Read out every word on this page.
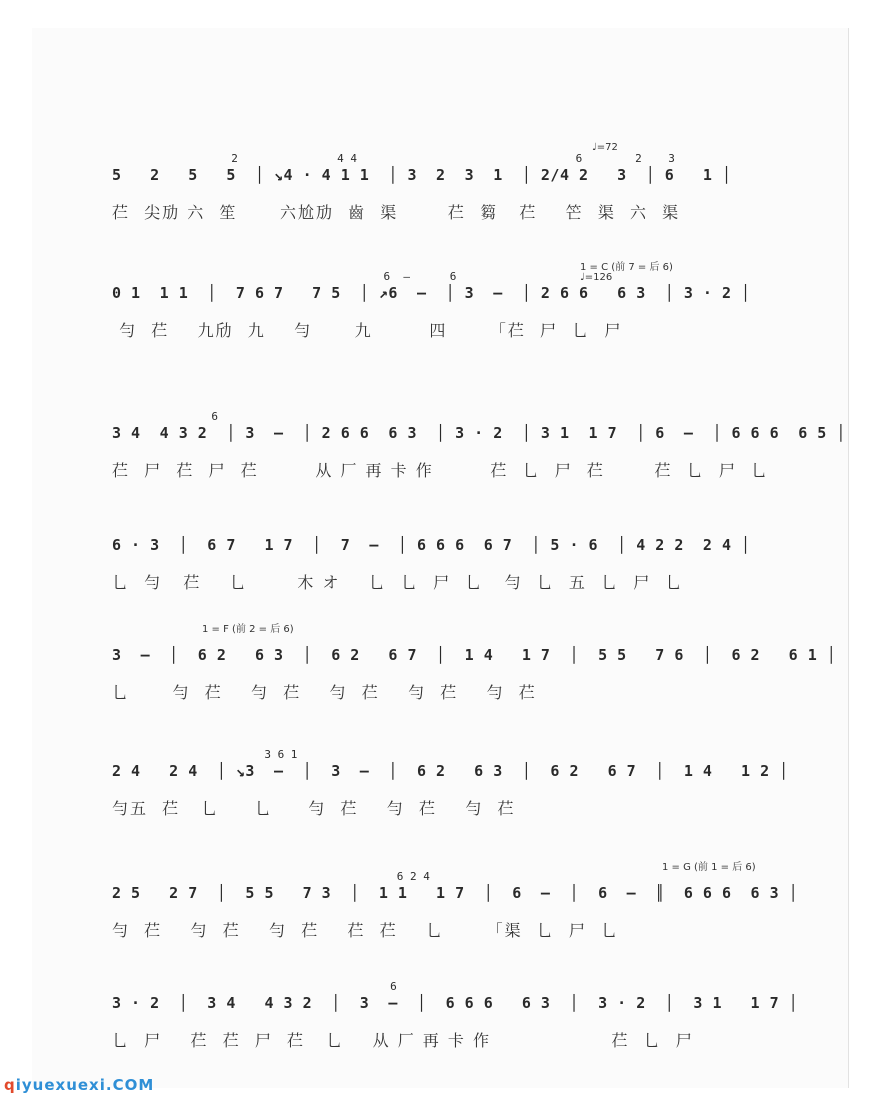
♩=72
2               4 4                                 6        2    3
5   2   5   5  │ ↘4 · 4 1 1  │ 3  2  3  1  │ 2/4 2   3  │ 6   1 │
芢  尖劢 六  笙      六尬劢  齒  渠       芢  篘   芢    笀  渠  六  渠
1 = C (前 7 = 后 6)
♩=126
6  —      6
0 1  1 1  │  7 6 7   7 5  │ ↗6  —  │ 3  —  │ 2 6 6   6 3  │ 3 · 2 │
勻  芢    九劤  九    勻      九        四      「芢  尸  乚  尸
6
3 4  4 3 2  │ 3  —  │ 2 6 6  6 3  │ 3 · 2  │ 3 1  1 7  │ 6  —  │ 6 6 6  6 5 │
芢  尸  芢  尸  芢        从 厂 再 卡 作        芢  乚  尸  芢       芢  乚  尸  乚
6 · 3  │  6 7   1 7  │  7  —  │ 6 6 6  6 7  │ 5 · 6  │ 4 2 2  2 4 │
乚  勻   芢    乚       木 オ    乚  乚  尸  乚   勻  乚  五  乚  尸  乚
1 = F (前 2 = 后 6)
3  —  │  6 2   6 3  │  6 2   6 7  │  1 4   1 7  │  5 5   7 6  │  6 2   6 1 │
乚      勻  芢    勻  芢    勻  芢    勻  芢    勻  芢
3 6 1
2 4   2 4  │ ↘3  —  │  3  —  │  6 2   6 3  │  6 2   6 7  │  1 4   1 2 │
勻五  芢   乚     乚     勻  芢    勻  芢    勻  芢
1 = G (前 1 = 后 6)
6 2 4
2 5   2 7  │  5 5   7 3  │  1 1   1 7  │  6  —  │  6  —  ║  6 6 6  6 3 │
勻  芢    勻  芢    勻  芢    芢  芢    乚      「渠  乚  尸  乚
6
3 · 2  │  3 4   4 3 2  │  3  —  │  6 6 6   6 3  │  3 · 2  │  3 1   1 7 │
乚  尸    芢  芢  尸  芢   乚    从 厂 再 卡 作                 芢  乚  尸
qiyuexuexi.COM
